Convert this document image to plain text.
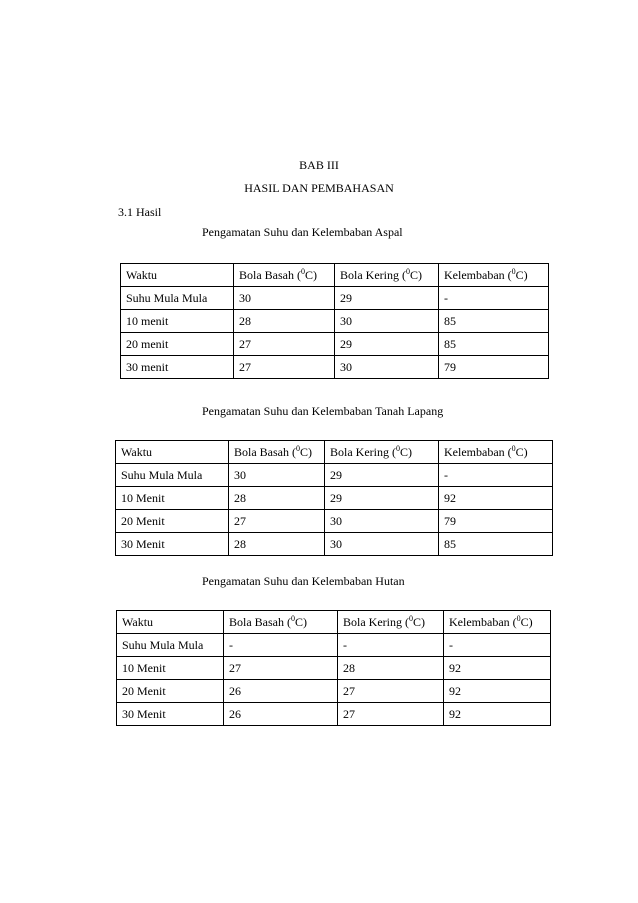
BAB III
HASIL DAN PEMBAHASAN
3.1 Hasil
Pengamatan Suhu dan Kelembaban Aspal
Waktu	Bola Basah ($^0$C)	Bola Kering ($^0$C)	Kelembaban ($^0$C)
Suhu Mula Mula	30	29	-
10 menit	28	30	85
20 menit	27	29	85
30 menit	27	30	79
Pengamatan Suhu dan Kelembaban Tanah Lapang
Waktu	Bola Basah ($^0$C)	Bola Kering ($^0$C)	Kelembaban ($^0$C)
Suhu Mula Mula	30	29	-
10 Menit	28	29	92
20 Menit	27	30	79
30 Menit	28	30	85
Pengamatan Suhu dan Kelembaban Hutan
Waktu	Bola Basah ($^0$C)	Bola Kering ($^0$C)	Kelembaban ($^0$C)
Suhu Mula Mula	-	-	-
10 Menit	27	28	92
20 Menit	26	27	92
30 Menit	26	27	92
